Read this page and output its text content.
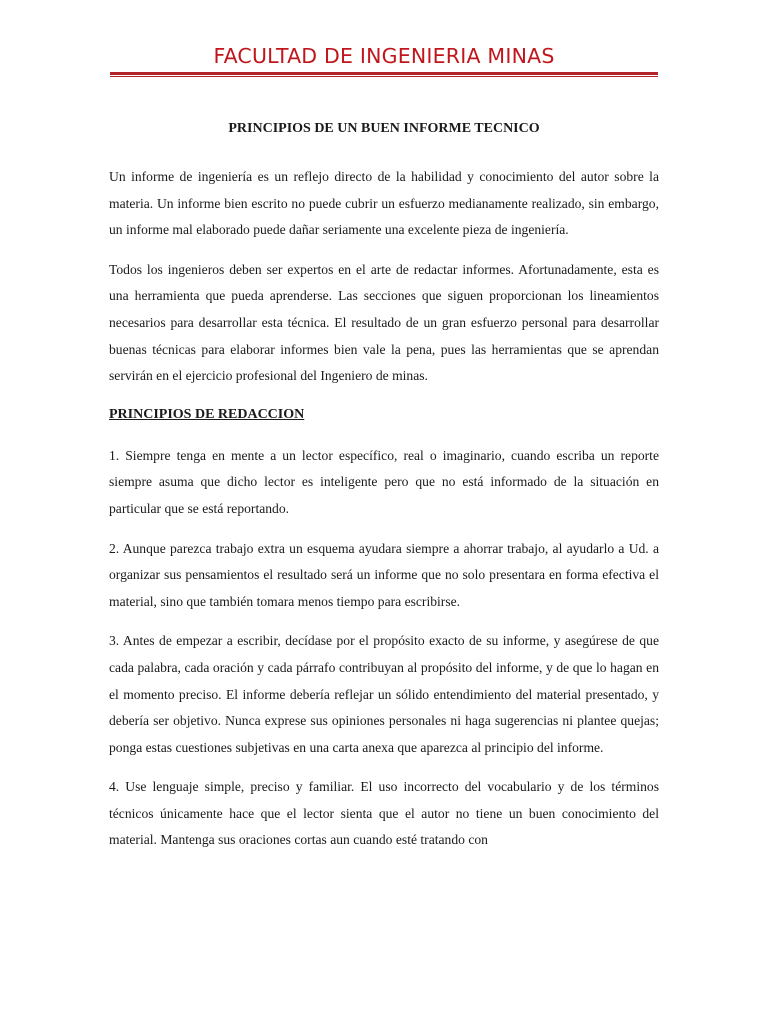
FACULTAD DE INGENIERIA MINAS
PRINCIPIOS DE UN BUEN INFORME TECNICO

Un informe de ingeniería es un reflejo directo de la habilidad y conocimiento del autor sobre la materia. Un informe bien escrito no puede cubrir un esfuerzo medianamente realizado, sin embargo, un informe mal elaborado puede dañar seriamente una excelente pieza de ingeniería.

Todos los ingenieros deben ser expertos en el arte de redactar informes. Afortunadamente, esta es una herramienta que pueda aprenderse. Las secciones que siguen proporcionan los lineamientos necesarios para desarrollar esta técnica. El resultado de un gran esfuerzo personal para desarrollar buenas técnicas para elaborar informes bien vale la pena, pues las herramientas que se aprendan servirán en el ejercicio profesional del Ingeniero de minas.

PRINCIPIOS DE REDACCION

1. Siempre tenga en mente a un lector específico, real o imaginario, cuando escriba un reporte siempre asuma que dicho lector es inteligente pero que no está informado de la situación en particular que se está reportando.

2. Aunque parezca trabajo extra un esquema ayudara siempre a ahorrar trabajo, al ayudarlo a Ud. a organizar sus pensamientos el resultado será un informe que no solo presentara en forma efectiva el material, sino que también tomara menos tiempo para escribirse.

3. Antes de empezar a escribir, decídase por el propósito exacto de su informe, y asegúrese de que cada palabra, cada oración y cada párrafo contribuyan al propósito del informe, y de que lo hagan en el momento preciso. El informe debería reflejar un sólido entendimiento del material presentado, y debería ser objetivo. Nunca exprese sus opiniones personales ni haga sugerencias ni plantee quejas; ponga estas cuestiones subjetivas en una carta anexa que aparezca al principio del informe.

4. Use lenguaje simple, preciso y familiar. El uso incorrecto del vocabulario y de los términos técnicos únicamente hace que el lector sienta que el autor no tiene un buen conocimiento del material. Mantenga sus oraciones cortas aun cuando esté tratando con
